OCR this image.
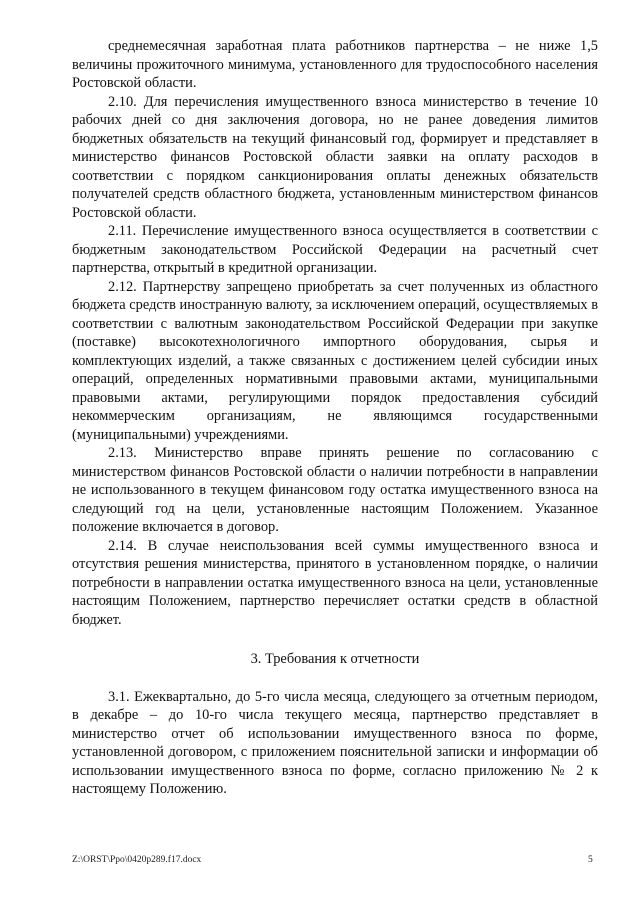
среднемесячная заработная плата работников партнерства – не ниже 1,5 величины прожиточного минимума, установленного для трудоспособного населения Ростовской области.

2.10. Для перечисления имущественного взноса министерство в течение 10 рабочих дней со дня заключения договора, но не ранее доведения лимитов бюджетных обязательств на текущий финансовый год, формирует и представляет в министерство финансов Ростовской области заявки на оплату расходов в соответствии с порядком санкционирования оплаты денежных обязательств получателей средств областного бюджета, установленным министерством финансов Ростовской области.

2.11. Перечисление имущественного взноса осуществляется в соответствии с бюджетным законодательством Российской Федерации на расчетный счет партнерства, открытый в кредитной организации.

2.12. Партнерству запрещено приобретать за счет полученных из областного бюджета средств иностранную валюту, за исключением операций, осуществляемых в соответствии с валютным законодательством Российской Федерации при закупке (поставке) высокотехнологичного импортного оборудования, сырья и комплектующих изделий, а также связанных с достижением целей субсидии иных операций, определенных нормативными правовыми актами, муниципальными правовыми актами, регулирующими порядок предоставления субсидий некоммерческим организациям, не являющимся государственными (муниципальными) учреждениями.

2.13. Министерство вправе принять решение по согласованию с министерством финансов Ростовской области о наличии потребности в направлении не использованного в текущем финансовом году остатка имущественного взноса на следующий год на цели, установленные настоящим Положением. Указанное положение включается в договор.

2.14. В случае неиспользования всей суммы имущественного взноса и отсутствия решения министерства, принятого в установленном порядке, о наличии потребности в направлении остатка имущественного взноса на цели, установленные настоящим Положением, партнерство перечисляет остатки средств в областной бюджет.

3. Требования к отчетности

3.1. Ежеквартально, до 5-го числа месяца, следующего за отчетным периодом, в декабре – до 10-го числа текущего месяца, партнерство представляет в министерство отчет об использовании имущественного взноса по форме, установленной договором, с приложением пояснительной записки и информации об использовании имущественного взноса по форме, согласно приложению № 2 к настоящему Положению.

Z:\ORST\Ppo\0420p289.f17.docx	5
